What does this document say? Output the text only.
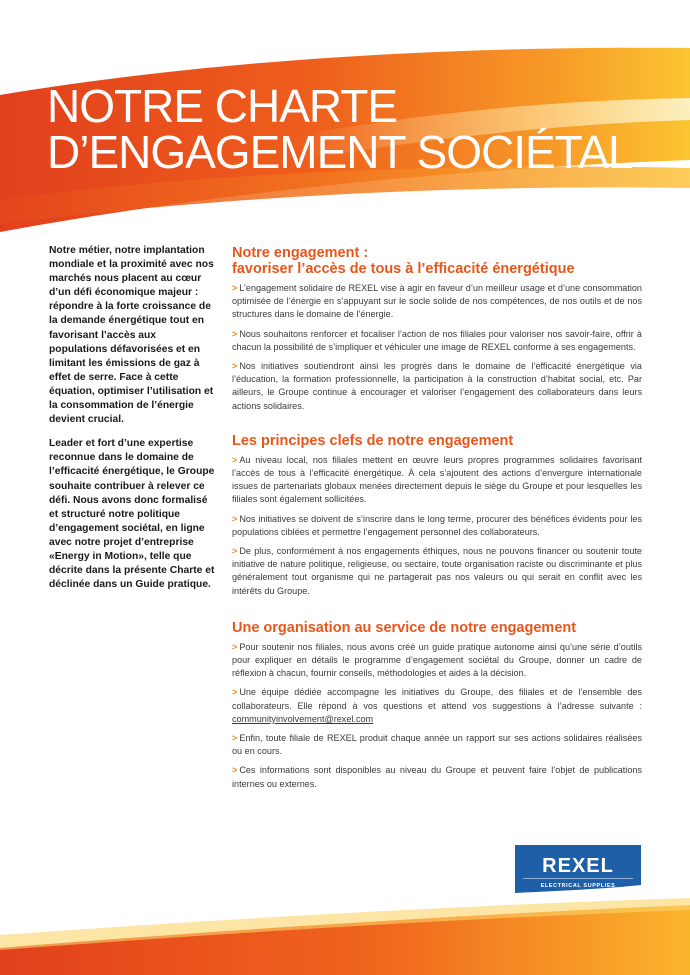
NOTRE CHARTE
D’ENGAGEMENT SOCIÉTAL

Notre métier, notre implantation mondiale et la proximité avec nos marchés nous placent au cœur d’un défi économique majeur : répondre à la forte croissance de la demande énergétique tout en favorisant l’accès aux populations défavorisées et en limitant les émissions de gaz à effet de serre. Face à cette équation, optimiser l’utilisation et la consommation de l’énergie devient crucial.

Leader et fort d’une expertise reconnue dans le domaine de l’efficacité énergétique, le Groupe souhaite contribuer à relever ce défi. Nous avons donc formalisé et structuré notre politique d’engagement sociétal, en ligne avec notre projet d’entreprise «Energy in Motion», telle que décrite dans la présente Charte et déclinée dans un Guide pratique.

Notre engagement :
favoriser l’accès de tous à l’efficacité énergétique

> L’engagement solidaire de REXEL vise à agir en faveur d’un meilleur usage et d’une consommation optimisée de l’énergie en s’appuyant sur le socle solide de nos compétences, de nos outils et de nos structures dans le domaine de l’énergie.

> Nous souhaitons renforcer et focaliser l’action de nos filiales pour valoriser nos savoir-faire, offrir à chacun la possibilité de s’impliquer et véhiculer une image de REXEL conforme à ses engagements.

> Nos initiatives soutiendront ainsi les progrès dans le domaine de l’efficacité énergétique via l’éducation, la formation professionnelle, la participation à la construction d’habitat social, etc. Par ailleurs, le Groupe continue à encourager et valoriser l’engagement des collaborateurs dans leurs actions solidaires.

Les principes clefs de notre engagement

> Au niveau local, nos filiales mettent en œuvre leurs propres programmes solidaires favorisant l’accès de tous à l’efficacité énergétique. À cela s’ajoutent des actions d’envergure internationale issues de partenariats globaux menées directement depuis le siège du Groupe et pour lesquelles les filiales sont également sollicitées.

> Nos initiatives se doivent de s’inscrire dans le long terme, procurer des bénéfices évidents pour les populations ciblées et permettre l’engagement personnel des collaborateurs.

> De plus, conformément à nos engagements éthiques, nous ne pouvons financer ou soutenir toute initiative de nature politique, religieuse, ou sectaire, toute organisation raciste ou discriminante et plus généralement tout organisme qui ne partagerait pas nos valeurs ou qui serait en conflit avec les intérêts du Groupe.

Une organisation au service de notre engagement

> Pour soutenir nos filiales, nous avons créé un guide pratique autonome ainsi qu’une série d’outils pour expliquer en détails le programme d’engagement sociétal du Groupe, donner un cadre de réflexion à chacun, fournir conseils, méthodologies et aides à la décision.

> Une équipe dédiée accompagne les initiatives du Groupe, des filiales et de l’ensemble des collaborateurs. Elle répond à vos questions et attend vos suggestions à l’adresse suivante : communityinvolvement@rexel.com

> Enfin, toute filiale de REXEL produit chaque année un rapport sur ses actions solidaires réalisées ou en cours.

> Ces informations sont disponibles au niveau du Groupe et peuvent faire l’objet de publications internes ou externes.

REXEL
ELECTRICAL SUPPLIES
